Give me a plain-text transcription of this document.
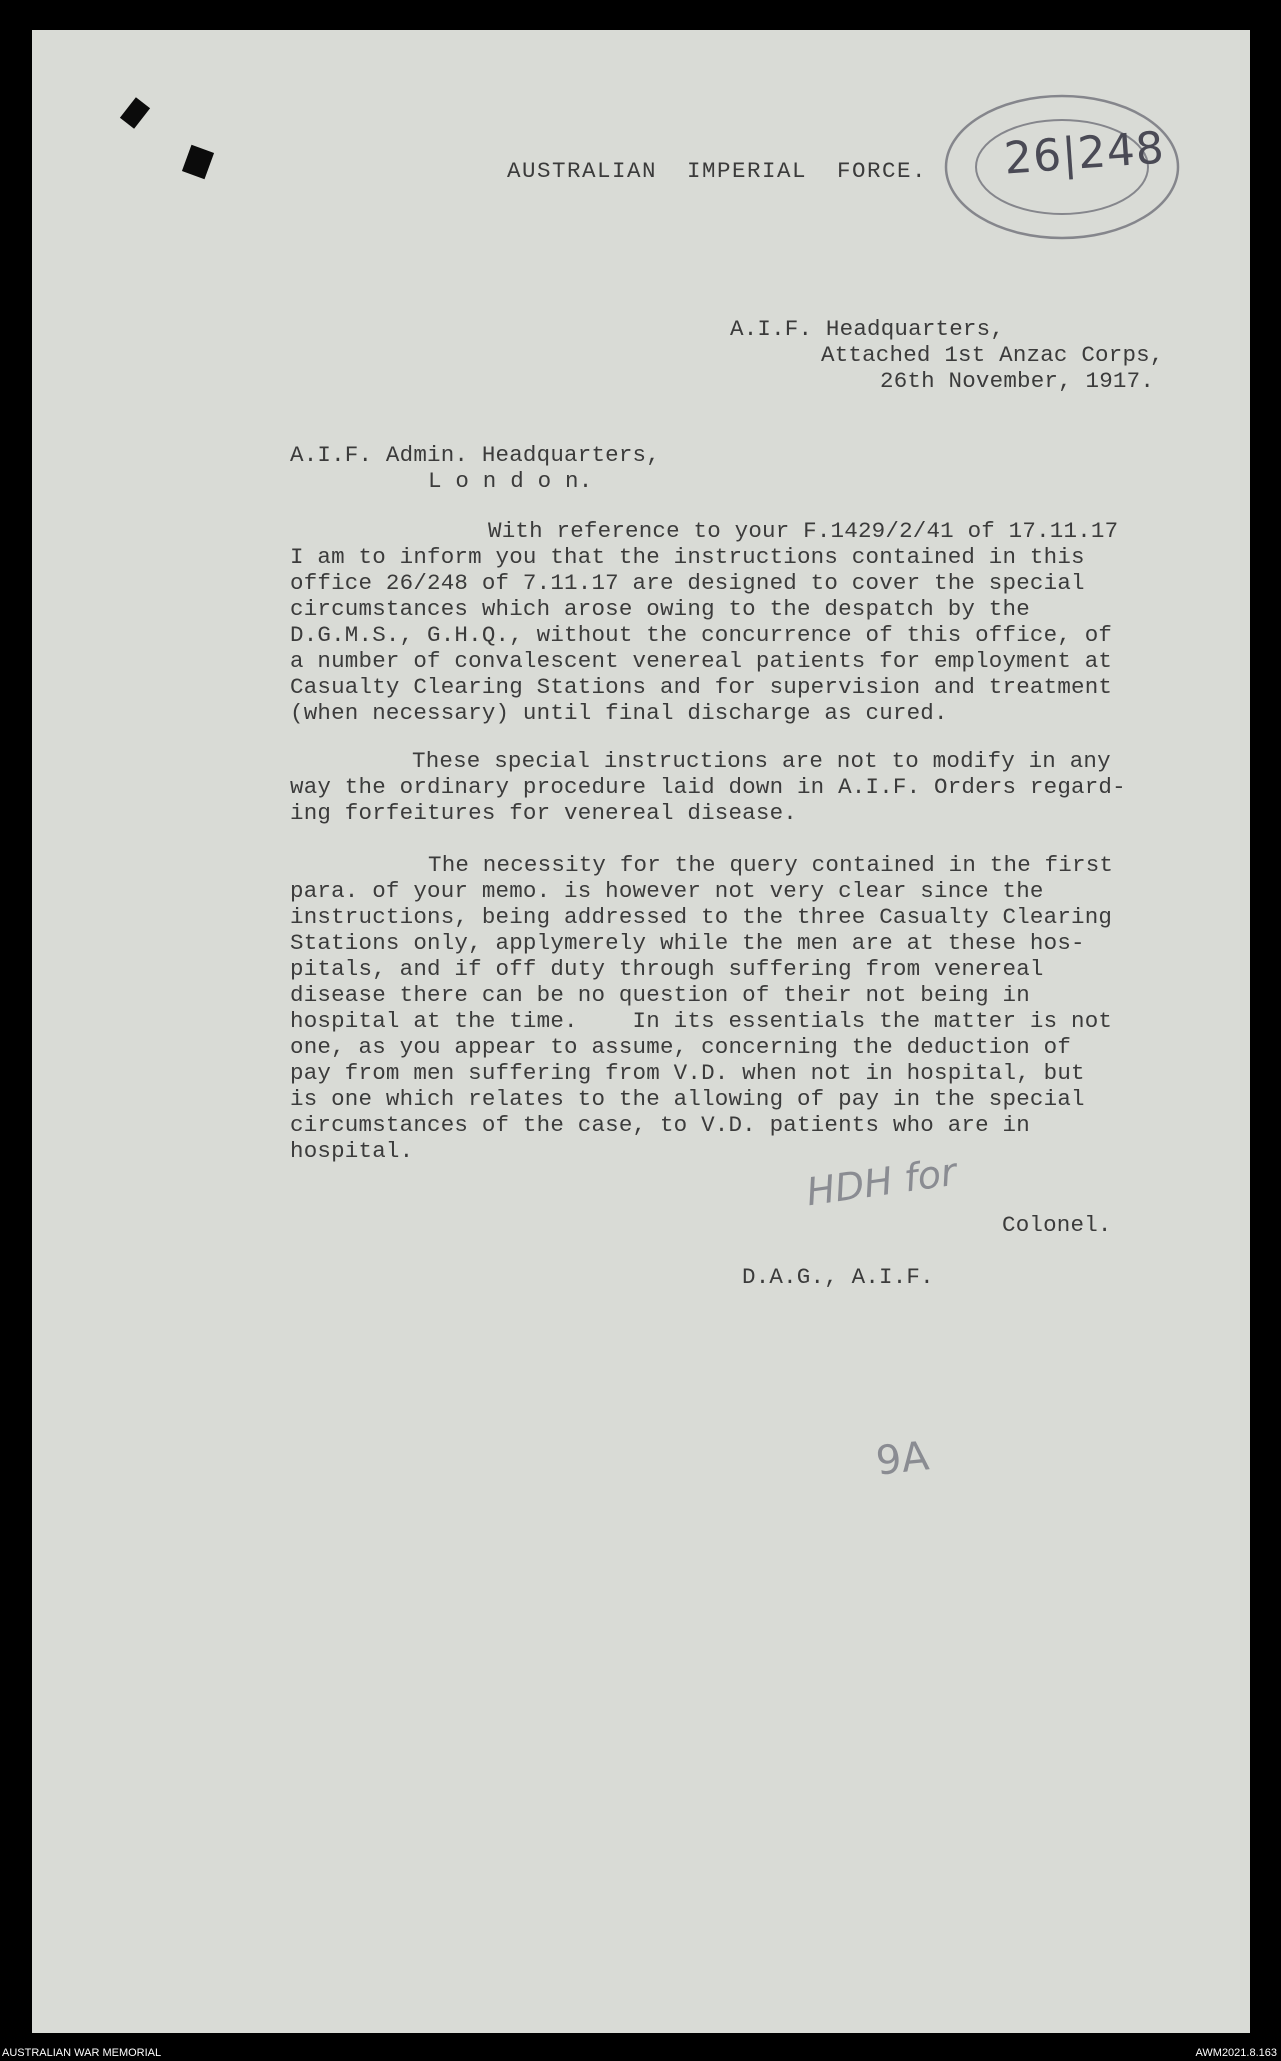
AUSTRALIAN  IMPERIAL  FORCE. 26|248
A.I.F. Headquarters,
Attached 1st Anzac Corps,
26th November, 1917.
A.I.F. Admin. Headquarters,
L o n d o n.
With reference to your F.1429/2/41 of 17.11.17
I am to inform you that the instructions contained in this
office 26/248 of 7.11.17 are designed to cover the special
circumstances which arose owing to the despatch by the
D.G.M.S., G.H.Q., without the concurrence of this office, of
a number of convalescent venereal patients for employment at
Casualty Clearing Stations and for supervision and treatment
(when necessary) until final discharge as cured.
These special instructions are not to modify in any
way the ordinary procedure laid down in A.I.F. Orders regard-
ing forfeitures for venereal disease.
The necessity for the query contained in the first
para. of your memo. is however not very clear since the
instructions, being addressed to the three Casualty Clearing
Stations only, applymerely while the men are at these hos-
pitals, and if off duty through suffering from venereal
disease there can be no question of their not being in
hospital at the time.    In its essentials the matter is not
one, as you appear to assume, concerning the deduction of
pay from men suffering from V.D. when not in hospital, but
is one which relates to the allowing of pay in the special
circumstances of the case, to V.D. patients who are in
hospital.	HDH for
Colonel.
D.A.G., A.I.F.
9A
AUSTRALIAN WAR MEMORIAL	AWM2021.8.163
